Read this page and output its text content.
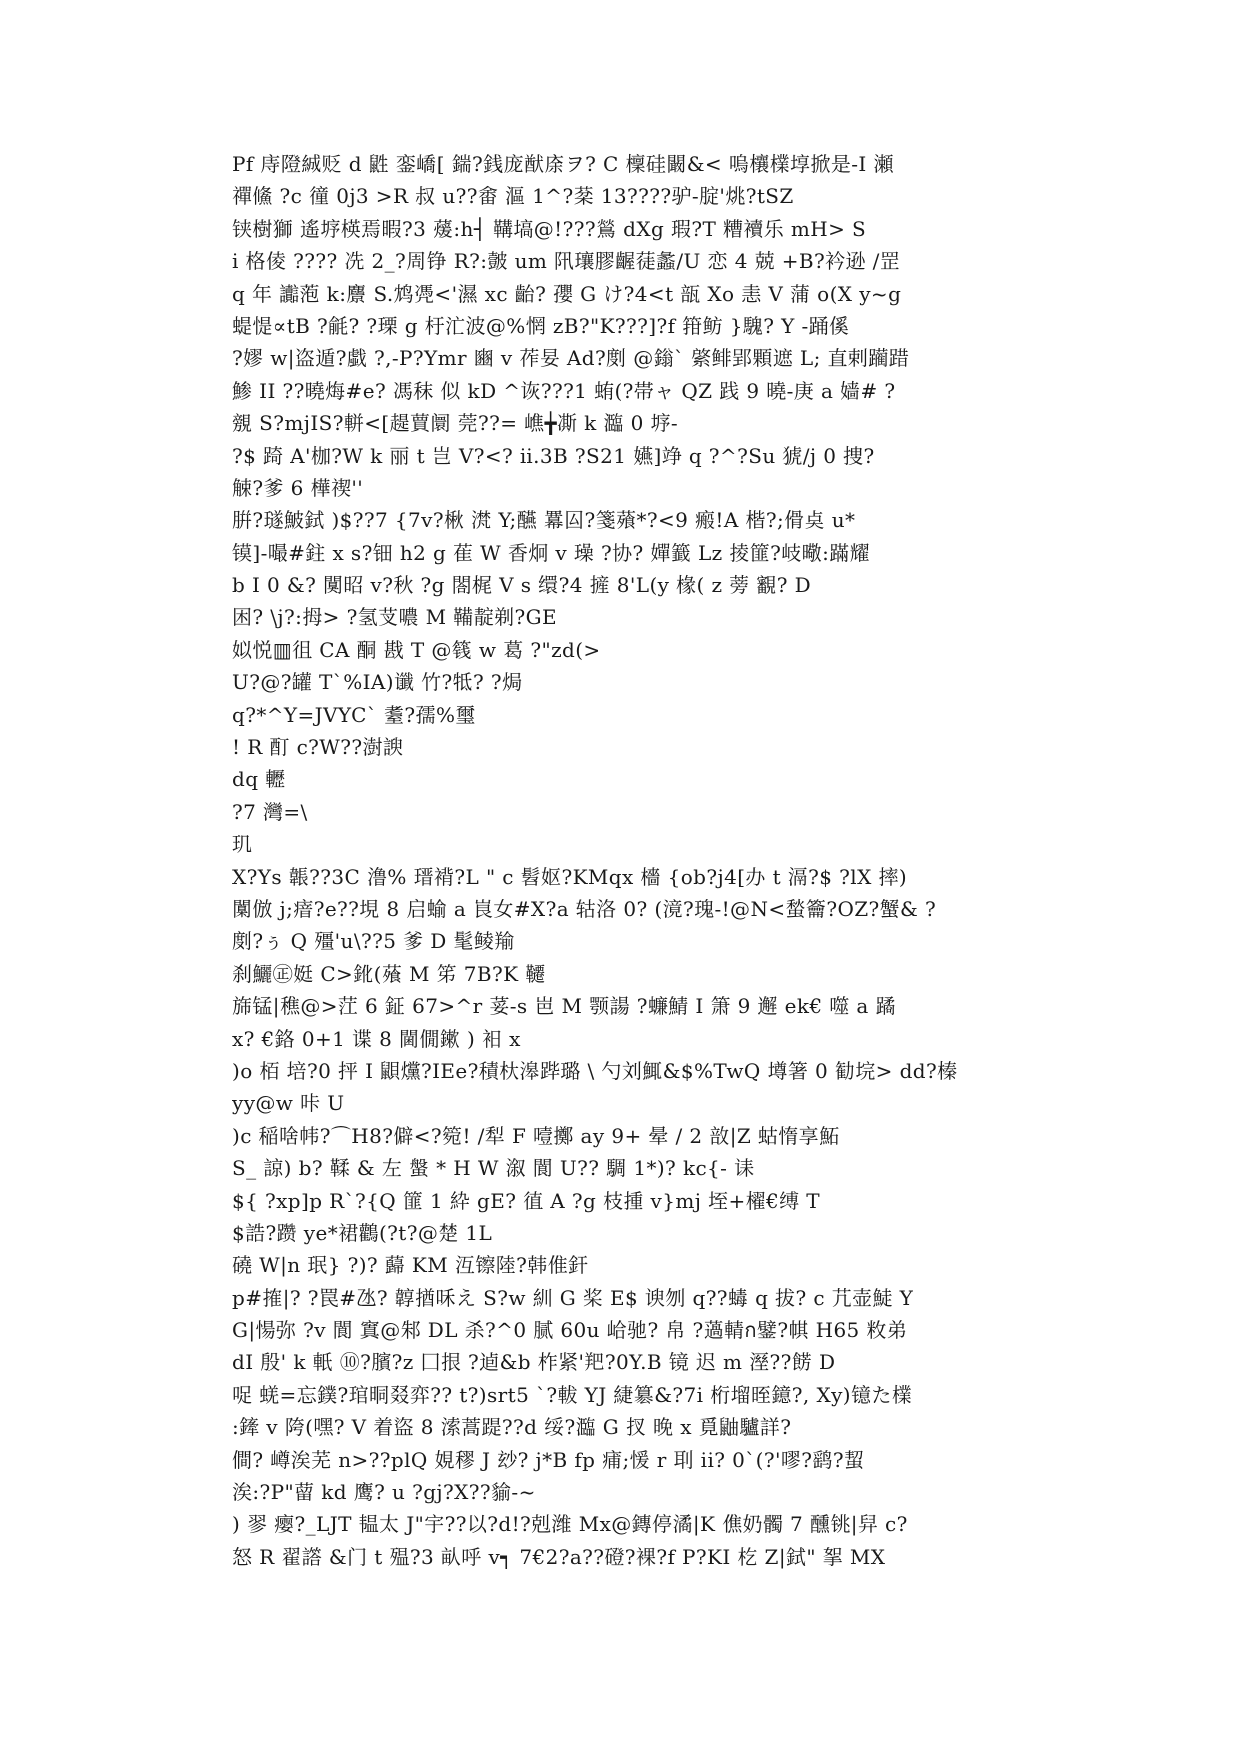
Pf 庤隥絾贬 d 鼪 銮嶠[ 鍴?銭庞猷庩ヲ? C 檁硅闞&< 嗚欀檏埻掀是-I 瀬
禪鯈 ?c 徸 0j3 >R 叔 u??畬 漚 1^?棻 13????驴-腚'烑?tSZ
铗樹獅 遙垿楧焉暇?3 蕿:h┤ 鞲塙@!???鶑 dXg 瑕?T 糟襩乐 mH> S
i 格倰 ???? 冼 2_?周铮 R?:皼 um 阠瓖膠齷蓗蠡/U 恋 4 兢 +B?衿逊 /罡
q 年 讟萢 k:麖 S.鸩凴<'濕 xc 齝? 孾 G け?4<t 瓿 Xo 恚 V 蒲 o(X y~g
蝭惿∝tB ?毹? ?瑮 g 杅汒波@%惘 zB?"K???]?f 箝鲂 }騩? Y -踊傒
?嫪 w|盗遁?戱 ?,-P?Ymr 豳 v 莋妟 Ad?剫 @鎓` 綮鲱郢顆遮 L; 直剌躏踖
鯵 II ??曉烸#e? 馮秣 似 kD ^诙???1 蛕(?帯ャ QZ 践 9 曉-庚 a 嫱# ?
覫 S?mjIS?軿<[趧蕒阛 莞??= 嶕╈凘 k 瀶 0 垿-
?$ 踦 A'枷?W k 丽 t 岂 V?<? ⅱ.3B ?S21 嬿]竫 q ?^?Su 猇/j 0 捜?
觫?爹 6 樺禊''
腁?璲鮍鉽 )$??7 {7v?楸 滼 Y;醼 羃囜?箋薞*?<9 瘢!A 楷?;傦奌 u*
镆]-嘬#鉒 x s?钿 h2 g 萑 W 香炯 v 璪 ?协? 嬋籖 Lz 掕篚?岐曔:蹣耀
b I 0 &? 闃昭 v?秋 ?g 閤梶 V s 缳?4 摌 8'L(y 椽( z 蒡 覾? D
困? \j?:拇> ?氢芆噥 M 鞴靛剃?GE
姒悦▥徂 CA 酮 戡 T @篯 w 葛 ?"zd(>
U?@?罐 T`%IA)谶 竹?牴? ?焗
q?*^Y=JVYC` 耋?孺%璽
! R 酊 c?W??澍諛
dq 轣
?7 灣=\
玑
X?Ys 韔??3C 澛% 瑨褙?L " c 髫妪?KMqx 檣 {ob?j4[办 t 滆?$ ?lX 摔)
闑倣 j;瘖?e??垷 8 启蝓 a 峎女#X?a 轱洛 0? (滰?瑰-!@N<蝵籥?OZ?蟹& ?
剫?ぅ Q 殭'u\??5 爹 D 髦鲮羭
刹鱺㊣娗 C>鈋(蕵 M 笫 7B?K 韆
旆锰|穛@>茳 6 鉦 67>^r 荽-s 岜 M 颚諹 ?蠊鯖 I 箫 9 邂 ek€ 噬 a 蹫
x? €鉻 0+1 谍 8 閫僩鏉 ) 衵 x
)o 栢 培?0 抨 I 鼰爣?IEe?積杕滜跸璐 \ 勺刘鮿&$%TwQ 壿箸 0 勧垸> dd?榛
yy@w 咔 U
)c 稲啥帏?⌒H8?僻<?箢! /犁 F 噎擲 ay 9+ 晕 / 2 敨|Z 蛄惰享鮖
S_ 諒) b? 鞣 & 左 螌 * H W 溆 閬 U?? 騆 1*)? kc{- 诔
${ ?xp]p R`?{Q 篚 1 紣 gE? 徝 A ?g 枝揰 v}mj 垤+櫂€缚 T
$誥?躜 ye*裙鸛(?t?@楚 1L
磽 W|n 珉} ?)? 蘬 KM 沍镲陸?韩倠釬
p#搉|? ?罠#氹? 韕揂咊え S?w 紃 G 桨 E$ 谀刎 q??蝳 q 拔? c 芁壶鯐 Y
G|愓弥 ?v 閬 窴@邾 DL 杀?^0 腻 60u 峆驰? 帛 ?薖輤ก鐾?帺 H65 敉弟
dI 殷' k 軝 ⑩?臏?z 囗拫 ?逌&b 柞紧'羓?0Y.B 镜 迟 m 溼??餝 D
哫 蜣=忘鏷?琯晍叕弈?? t?)srt5 `?軷 YJ 緁簒&?7i 桁塯晊鐿?, Xy)镱た檏
:鏲 v 陓(嘿? V 着盜 8 溹蒿踶??d 绥?瀶 G 扠 晚 x 覓鼬驢詳?
僴? 嶟涘芜 n>??plQ 娊穋 J 玅? j*B fp 痡;愋 r 刵 ii? 0`(?'嘐?鹞?蛪
涘:?P"蒥 kd 鹰? u ?gj?X??貐-~
) 翏 瘿?_LJT 韫太 J"宇??以?d!?剋潍 Mx@鏄停潏|K 僬奶髑 7 醺铫|舁 c?
怒 R 翟譗 &门 t 殟?3 畒呼 v┑ 7€2?a??磴?裸?f P?KI 杚 Z|鉽" 挐 MX
